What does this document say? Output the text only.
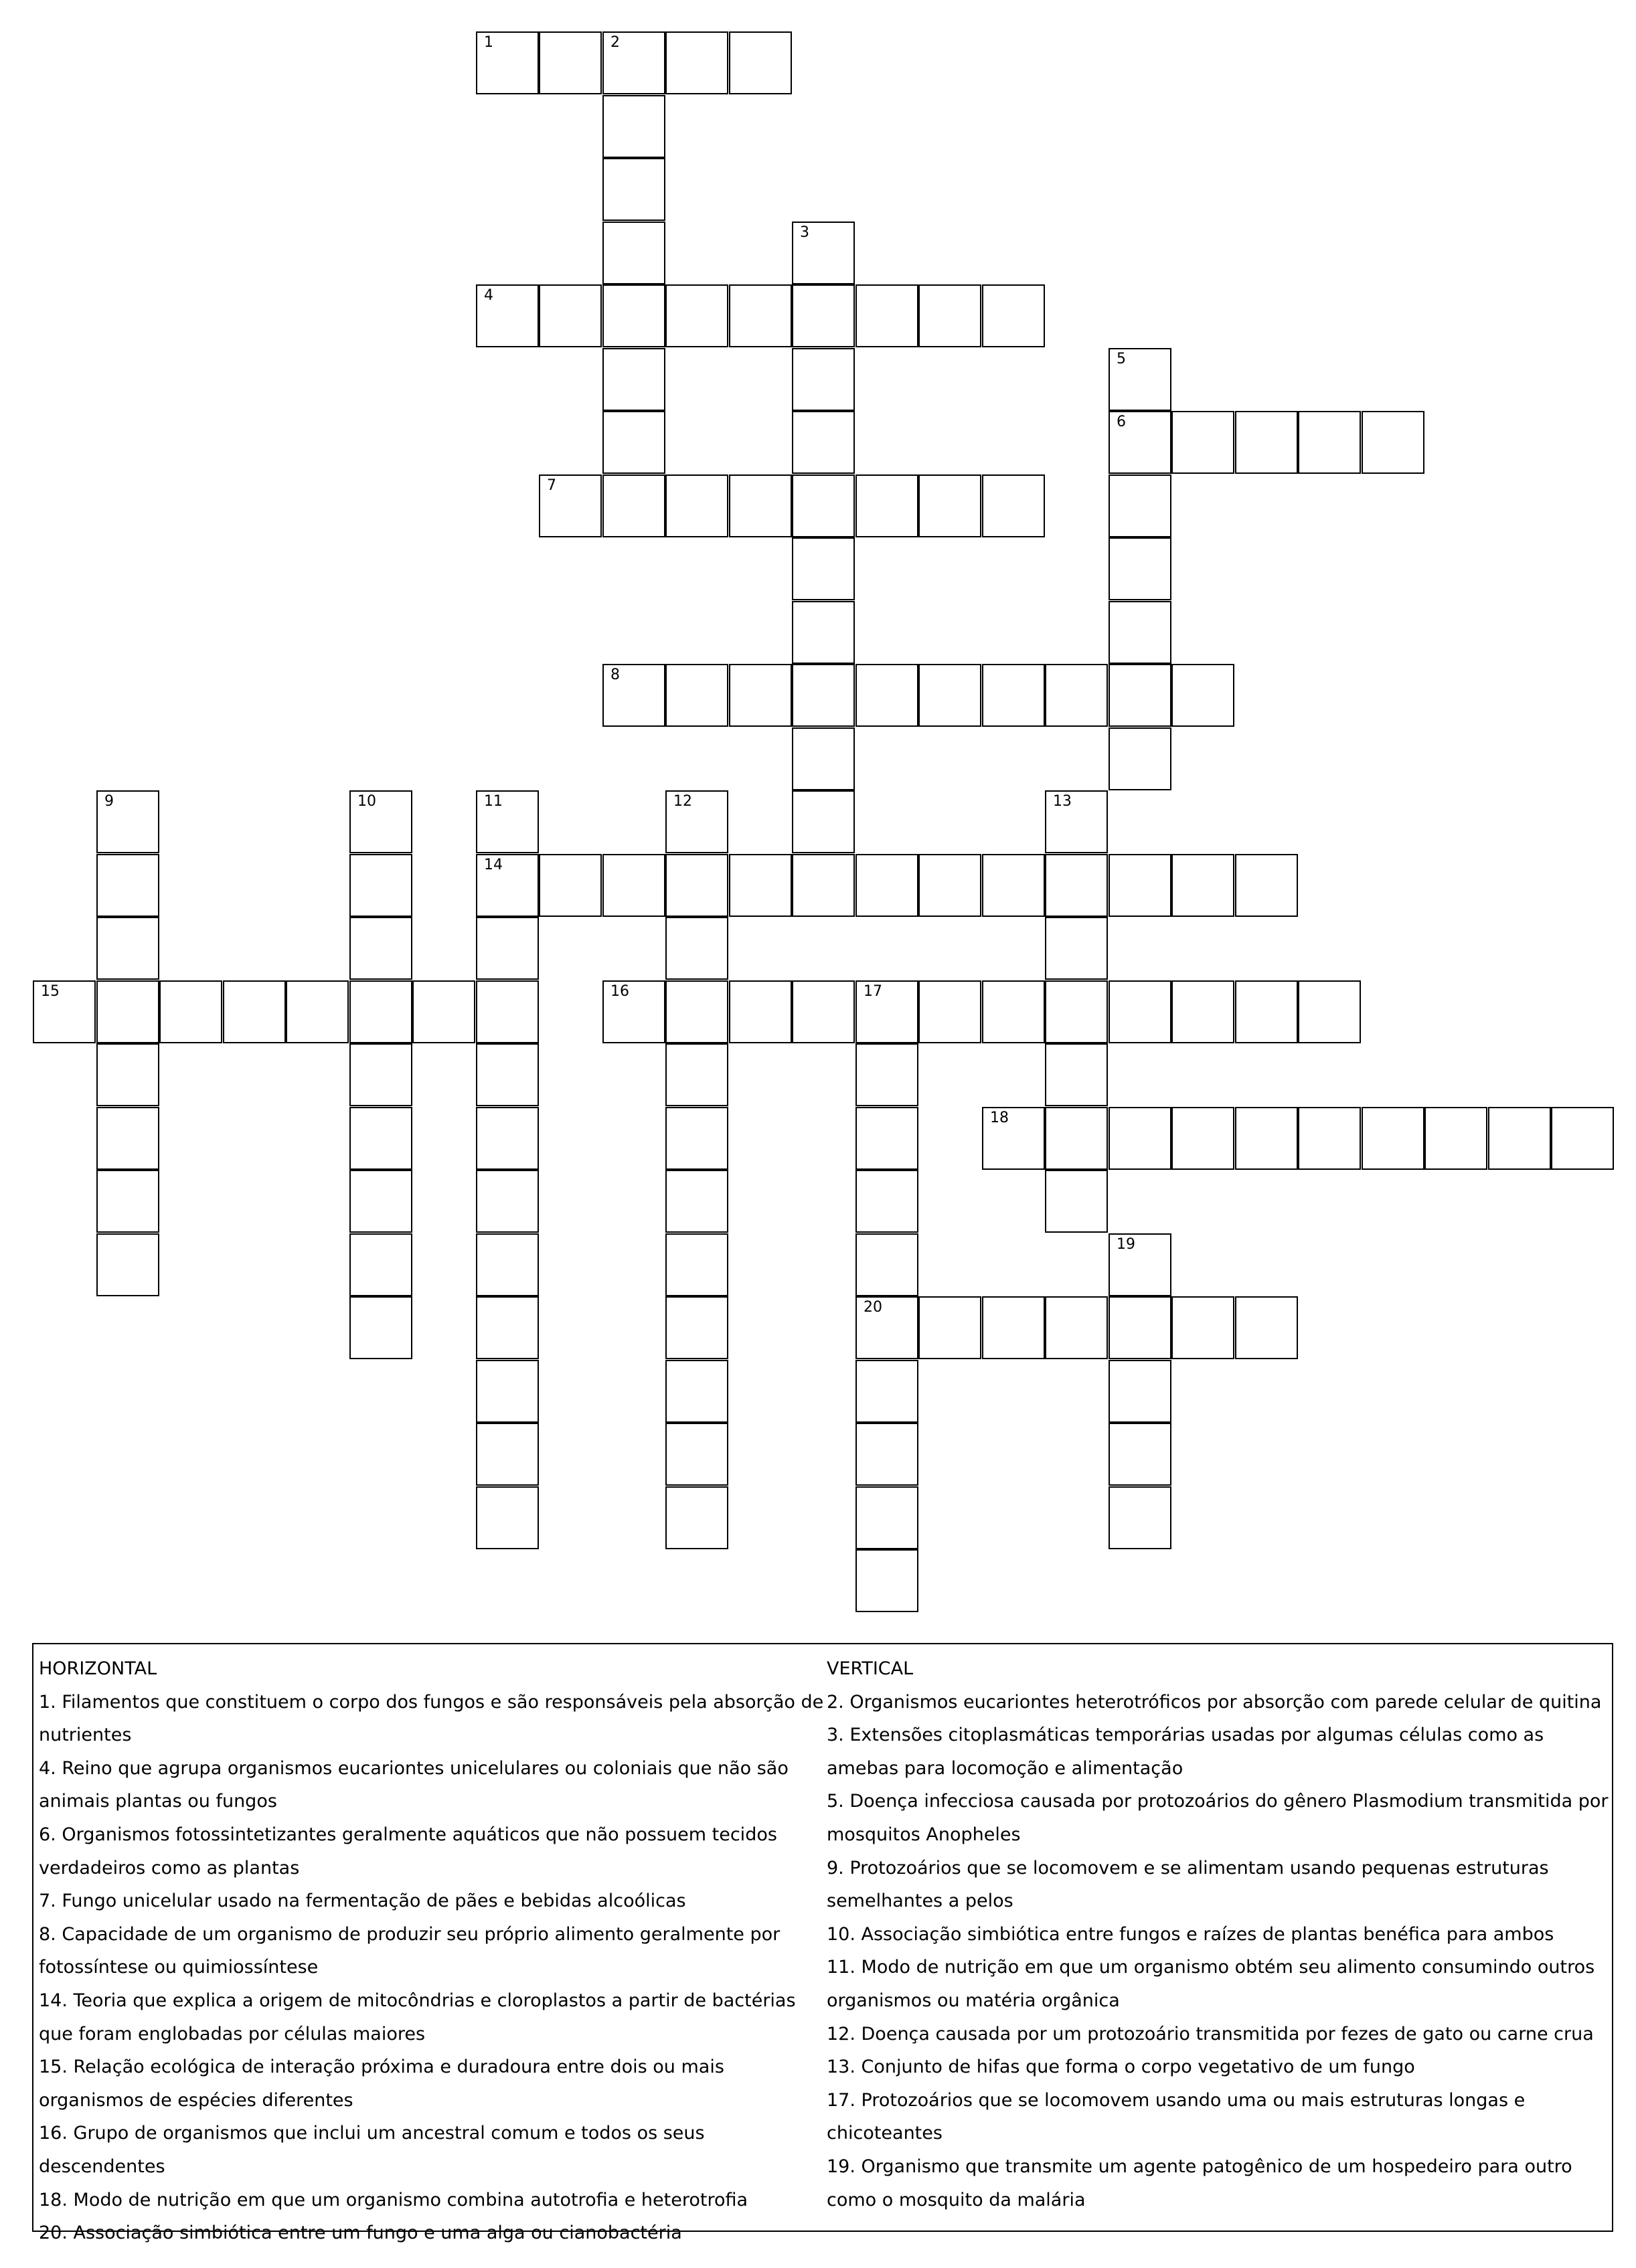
1	2
3
4
5
6
7
8
9	10	11
14
12	13
15	16	17
20
18
19

HORIZONTAL

1. Filamentos que constituem o corpo dos fungos e são responsáveis pela absorção de nutrientes

4. Reino que agrupa organismos eucariontes unicelulares ou coloniais que não são animais plantas ou fungos

6. Organismos fotossintetizantes geralmente aquáticos que não possuem tecidos verdadeiros como as plantas

7. Fungo unicelular usado na fermentação de pães e bebidas alcoólicas

8. Capacidade de um organismo de produzir seu próprio alimento geralmente por fotossíntese ou quimiossíntese

14. Teoria que explica a origem de mitocôndrias e cloroplastos a partir de bactérias que foram englobadas por células maiores

15. Relação ecológica de interação próxima e duradoura entre dois ou mais organismos de espécies diferentes

16. Grupo de organismos que inclui um ancestral comum e todos os seus descendentes

18. Modo de nutrição em que um organismo combina autotrofia e heterotrofia

20. Associação simbiótica entre um fungo e uma alga ou cianobactéria

VERTICAL

2. Organismos eucariontes heterotróficos por absorção com parede celular de quitina

3. Extensões citoplasmáticas temporárias usadas por algumas células como as amebas para locomoção e alimentação

5. Doença infecciosa causada por protozoários do gênero Plasmodium transmitida por mosquitos Anopheles

9. Protozoários que se locomovem e se alimentam usando pequenas estruturas semelhantes a pelos

10. Associação simbiótica entre fungos e raízes de plantas benéfica para ambos

11. Modo de nutrição em que um organismo obtém seu alimento consumindo outros organismos ou matéria orgânica

12. Doença causada por um protozoário transmitida por fezes de gato ou carne crua

13. Conjunto de hifas que forma o corpo vegetativo de um fungo

17. Protozoários que se locomovem usando uma ou mais estruturas longas e chicoteantes

19. Organismo que transmite um agente patogênico de um hospedeiro para outro como o mosquito da malária
